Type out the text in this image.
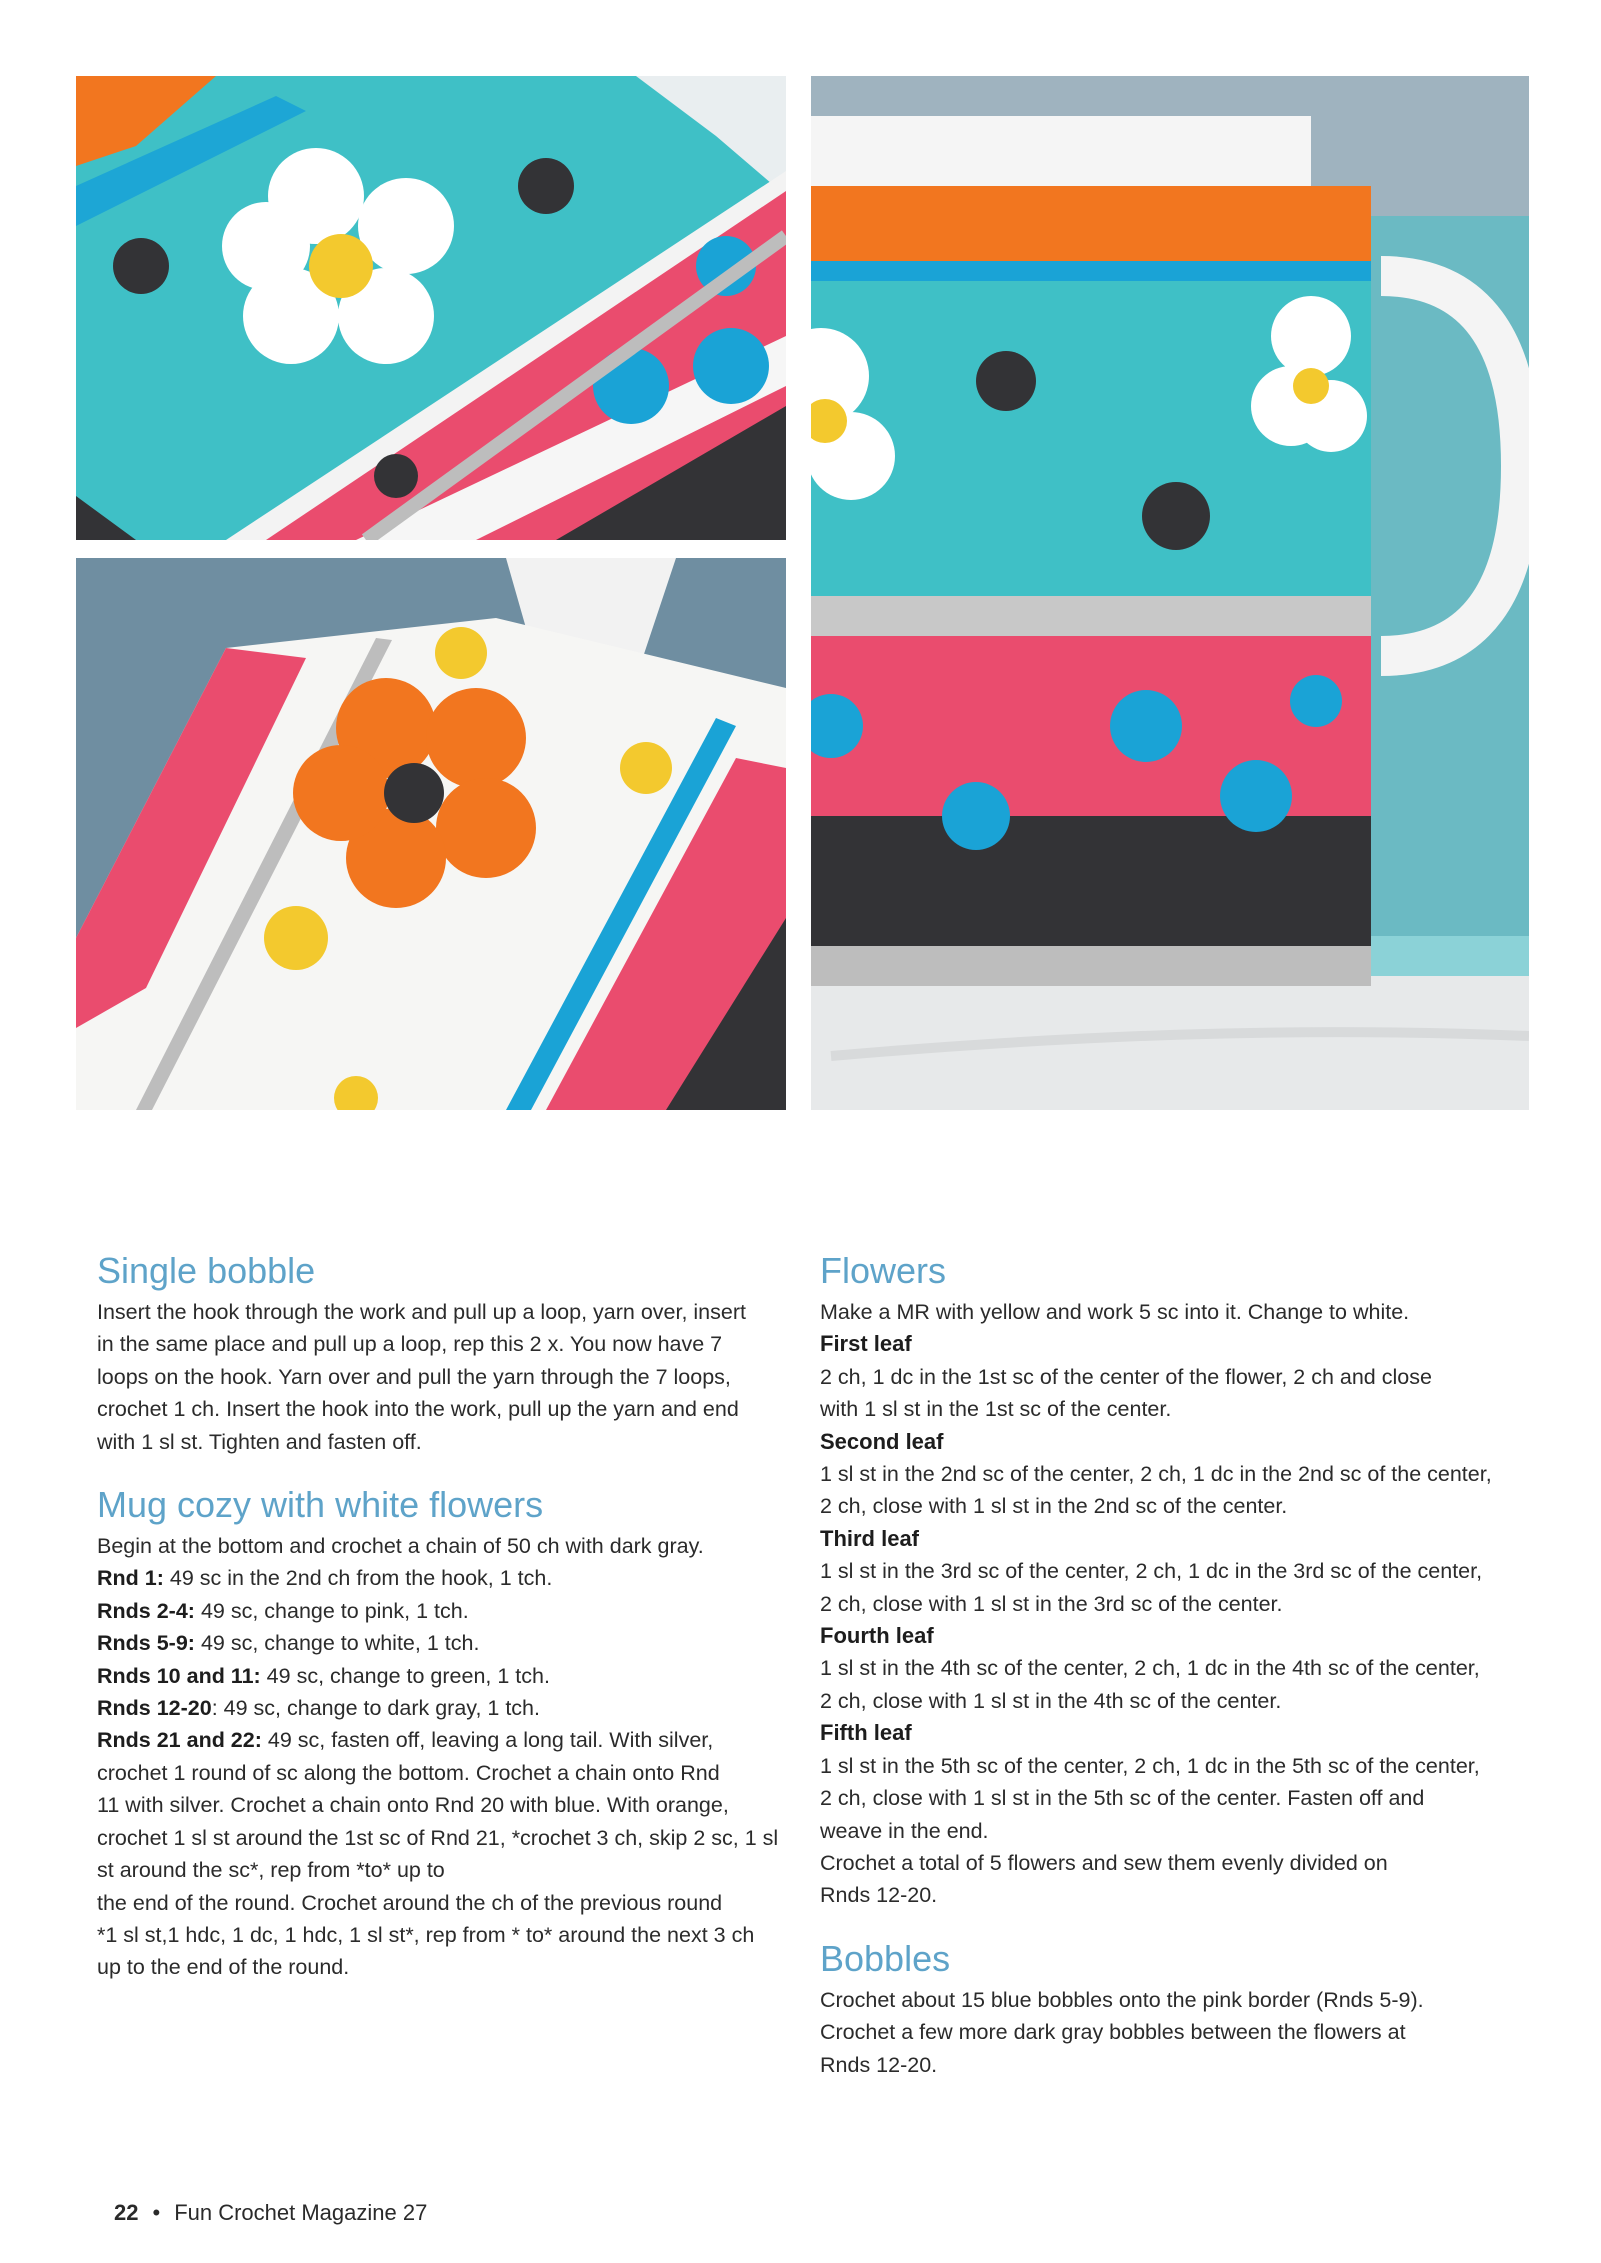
Single bobble
Insert the hook through the work and pull up a loop, yarn over, insert
in the same place and pull up a loop, rep this 2 x. You now have 7
loops on the hook. Yarn over and pull the yarn through the 7 loops,
crochet 1 ch. Insert the hook into the work, pull up the yarn and end
with 1 sl st. Tighten and fasten off.
Mug cozy with white flowers
Begin at the bottom and crochet a chain of 50 ch with dark gray.
Rnd 1: 49 sc in the 2nd ch from the hook, 1 tch.
Rnds 2-4: 49 sc, change to pink, 1 tch.
Rnds 5-9: 49 sc, change to white, 1 tch.
Rnds 10 and 11: 49 sc, change to green, 1 tch.
Rnds 12-20: 49 sc, change to dark gray, 1 tch.
Rnds 21 and 22: 49 sc, fasten off, leaving a long tail. With silver,
crochet 1 round of sc along the bottom. Crochet a chain onto Rnd
11 with silver. Crochet a chain onto Rnd 20 with blue. With orange,
crochet 1 sl st around the 1st sc of Rnd 21, *crochet 3 ch, skip 2 sc, 1 sl
st around the sc*, rep from *to* up to
the end of the round. Crochet around the ch of the previous round
*1 sl st,1 hdc, 1 dc, 1 hdc, 1 sl st*, rep from * to* around the next 3 ch
up to the end of the round.
Flowers
Make a MR with yellow and work 5 sc into it. Change to white.
First leaf
2 ch, 1 dc in the 1st sc of the center of the flower, 2 ch and close
with 1 sl st in the 1st sc of the center.
Second leaf
1 sl st in the 2nd sc of the center, 2 ch, 1 dc in the 2nd sc of the center,
2 ch, close with 1 sl st in the 2nd sc of the center.
Third leaf
1 sl st in the 3rd sc of the center, 2 ch, 1 dc in the 3rd sc of the center,
2 ch, close with 1 sl st in the 3rd sc of the center.
Fourth leaf
1 sl st in the 4th sc of the center, 2 ch, 1 dc in the 4th sc of the center,
2 ch, close with 1 sl st in the 4th sc of the center.
Fifth leaf
1 sl st in the 5th sc of the center, 2 ch, 1 dc in the 5th sc of the center,
2 ch, close with 1 sl st in the 5th sc of the center. Fasten off and
weave in the end.
Crochet a total of 5 flowers and sew them evenly divided on
Rnds 12-20.
Bobbles
Crochet about 15 blue bobbles onto the pink border (Rnds 5-9).
Crochet a few more dark gray bobbles between the flowers at
Rnds 12-20.
22 • Fun Crochet Magazine 27
